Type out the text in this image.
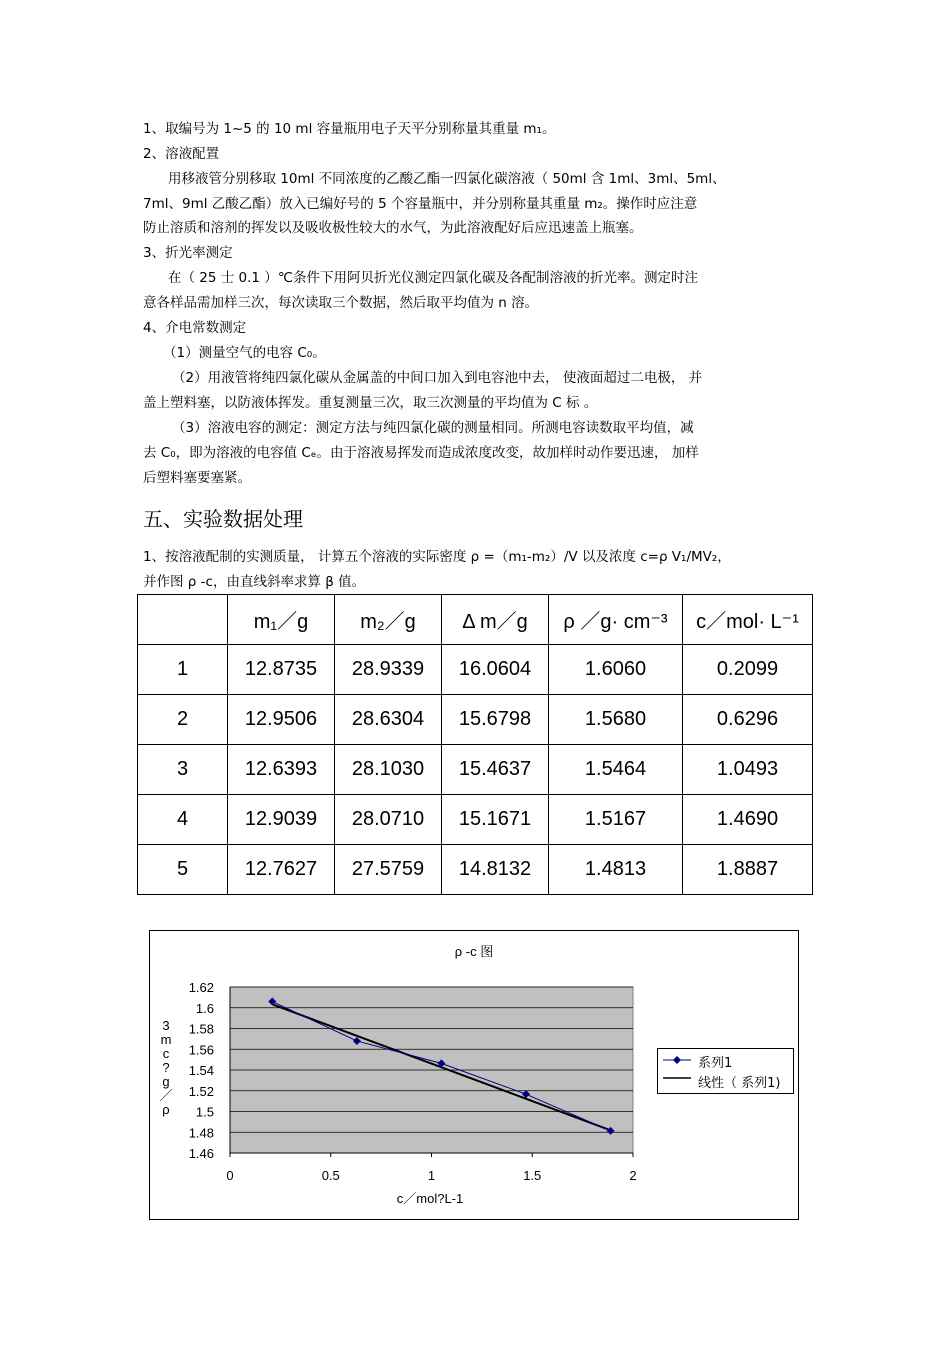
1、取编号为 1~5 的 10 ml 容量瓶用电子天平分别称量其重量 m₁。
2、溶液配置
用移液管分别移取 10ml 不同浓度的乙酸乙酯一四氯化碳溶液（ 50ml 含 1ml、3ml、5ml、
7ml、9ml 乙酸乙酯）放入已编好号的 5 个容量瓶中，并分别称量其重量 m₂。操作时应注意
防止溶质和溶剂的挥发以及吸收极性较大的水气，为此溶液配好后应迅速盖上瓶塞。
3、折光率测定
在（ 25 士 0.1 ）℃条件下用阿贝折光仪测定四氯化碳及各配制溶液的折光率。测定时注
意各样品需加样三次，每次读取三个数据，然后取平均值为 n 溶。
4、介电常数测定
（1）测量空气的电容 C₀。
（2）用液管将纯四氯化碳从金属盖的中间口加入到电容池中去， 使液面超过二电极， 并
盖上塑料塞，以防液体挥发。重复测量三次，取三次测量的平均值为 C 标 。
（3）溶液电容的测定：测定方法与纯四氯化碳的测量相同。所测电容读数取平均值，减
去 C₀，即为溶液的电容值 Cₑ。由于溶液易挥发而造成浓度改变，故加样时动作要迅速， 加样
后塑料塞要塞紧。
五、实验数据处理
1、按溶液配制的实测质量， 计算五个溶液的实际密度 ρ =（m₁-m₂）/V 以及浓度 c=ρ V₁/MV₂，
并作图 ρ -c，由直线斜率求算 β 值。
	m₁／g	m₂／g	Δ m／g	ρ ／g· cm⁻³	c／mol· L⁻¹
1	12.8735	28.9339	16.0604	1.6060	0.2099
2	12.9506	28.6304	15.6798	1.5680	0.6296
3	12.6393	28.1030	15.4637	1.5464	1.0493
4	12.9039	28.0710	15.1671	1.5167	1.4690
5	12.7627	27.5759	14.8132	1.4813	1.8887
1.46
1.48
1.5
1.52
1.54
1.56
1.58
1.6
1.62
0	0.5	1	1.5	2
ρ -c 图
c／mol?L-1
3 m c ? g ／ ρ
系列1
线性（ 系列1)
